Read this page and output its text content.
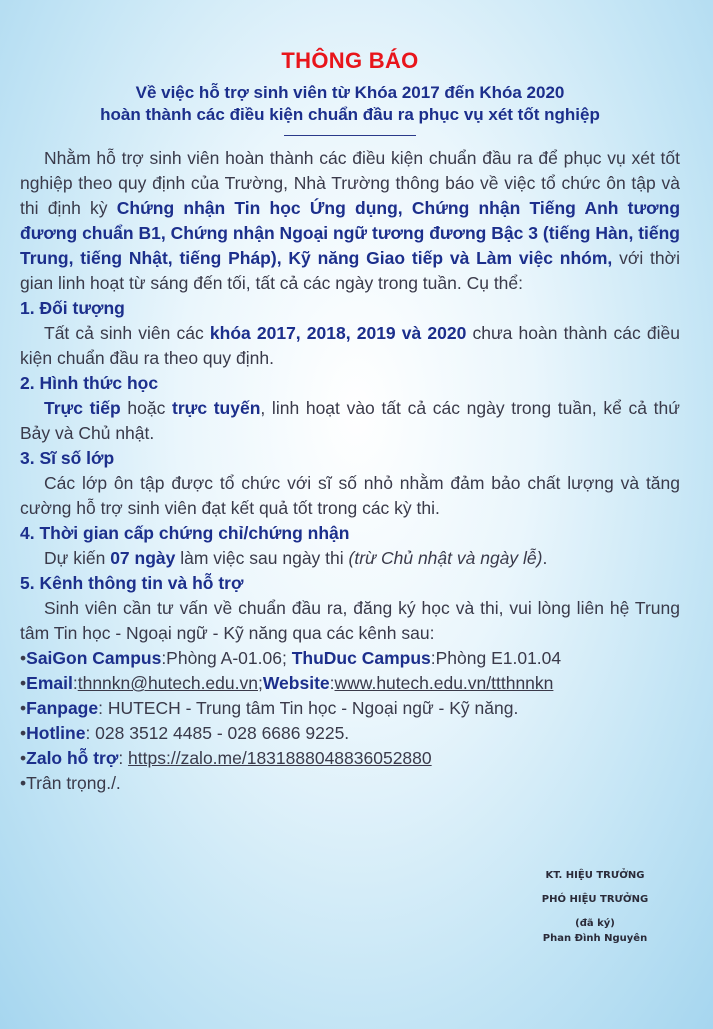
THÔNG BÁO
Về việc hỗ trợ sinh viên từ Khóa 2017 đến Khóa 2020
hoàn thành các điều kiện chuẩn đầu ra phục vụ xét tốt nghiệp
Nhằm hỗ trợ sinh viên hoàn thành các điều kiện chuẩn đầu ra để phục vụ xét tốt nghiệp theo quy định của Trường, Nhà Trường thông báo về việc tổ chức ôn tập và thi định kỳ Chứng nhận Tin học Ứng dụng, Chứng nhận Tiếng Anh tương đương chuẩn B1, Chứng nhận Ngoại ngữ tương đương Bậc 3 (tiếng Hàn, tiếng Trung, tiếng Nhật, tiếng Pháp), Kỹ năng Giao tiếp và Làm việc nhóm, với thời gian linh hoạt từ sáng đến tối, tất cả các ngày trong tuần. Cụ thể:
1. Đối tượng
Tất cả sinh viên các khóa 2017, 2018, 2019 và 2020 chưa hoàn thành các điều kiện chuẩn đầu ra theo quy định.
2. Hình thức học
Trực tiếp hoặc trực tuyến, linh hoạt vào tất cả các ngày trong tuần, kể cả thứ Bảy và Chủ nhật.
3. Sĩ số lớp
Các lớp ôn tập được tổ chức với sĩ số nhỏ nhằm đảm bảo chất lượng và tăng cường hỗ trợ sinh viên đạt kết quả tốt trong các kỳ thi.
4. Thời gian cấp chứng chỉ/chứng nhận
Dự kiến 07 ngày làm việc sau ngày thi (trừ Chủ nhật và ngày lễ).
5. Kênh thông tin và hỗ trợ
Sinh viên cần tư vấn về chuẩn đầu ra, đăng ký học và thi, vui lòng liên hệ Trung tâm Tin học - Ngoại ngữ - Kỹ năng qua các kênh sau:
•SaiGon Campus:Phòng A-01.06; ThuDuc Campus:Phòng E1.01.04
•Email:thnnkn@hutech.edu.vn;Website:www.hutech.edu.vn/ttthnnkn
•Fanpage: HUTECH - Trung tâm Tin học - Ngoại ngữ - Kỹ năng.
•Hotline: 028 3512 4485 - 028 6686 9225.
•Zalo hỗ trợ: https://zalo.me/1831888048836052880
•Trân trọng./.
KT. HIỆU TRƯỞNG
PHÓ HIỆU TRƯỞNG
(đã ký)
Phan Đình Nguyên
